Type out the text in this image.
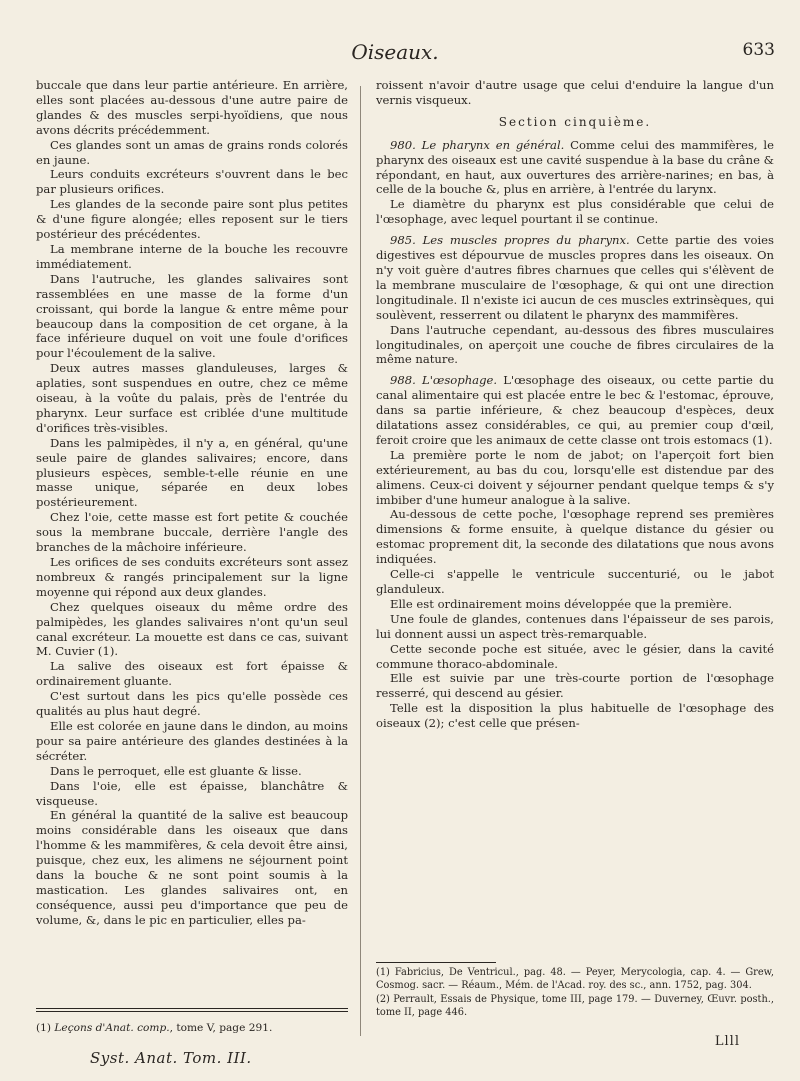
Oiseaux.	633

buccale que dans leur partie antérieure. En arrière, elles sont placées au-dessous d'une autre paire de glandes & des muscles serpi-hyoïdiens, que nous avons décrits précédemment.

Ces glandes sont un amas de grains ronds colorés en jaune.

Leurs conduits excréteurs s'ouvrent dans le bec par plusieurs orifices.

Les glandes de la seconde paire sont plus petites & d'une figure alongée; elles reposent sur le tiers postérieur des précédentes.

La membrane interne de la bouche les recouvre immédiatement.

Dans l'autruche, les glandes salivaires sont rassemblées en une masse de la forme d'un croissant, qui borde la langue & entre même pour beaucoup dans la composition de cet organe, à la face inférieure duquel on voit une foule d'orifices pour l'écoulement de la salive.

Deux autres masses glanduleuses, larges & aplaties, sont suspendues en outre, chez ce même oiseau, à la voûte du palais, près de l'entrée du pharynx. Leur surface est criblée d'une multitude d'orifices très-visibles.

Dans les palmipèdes, il n'y a, en général, qu'une seule paire de glandes salivaires; encore, dans plusieurs espèces, semble-t-elle réunie en une masse unique, séparée en deux lobes postérieurement.

Chez l'oie, cette masse est fort petite & couchée sous la membrane buccale, derrière l'angle des branches de la mâchoire inférieure.

Les orifices de ses conduits excréteurs sont assez nombreux & rangés principalement sur la ligne moyenne qui répond aux deux glandes.

Chez quelques oiseaux du même ordre des palmipèdes, les glandes salivaires n'ont qu'un seul canal excréteur. La mouette est dans ce cas, suivant M. Cuvier (1).

La salive des oiseaux est fort épaisse & ordinairement gluante.

C'est surtout dans les pics qu'elle possède ces qualités au plus haut degré.

Elle est colorée en jaune dans le dindon, au moins pour sa paire antérieure des glandes destinées à la sécréter.

Dans le perroquet, elle est gluante & lisse.

Dans l'oie, elle est épaisse, blanchâtre & visqueuse.

En général la quantité de la salive est beaucoup moins considérable dans les oiseaux que dans l'homme & les mammifères, & cela devoit être ainsi, puisque, chez eux, les alimens ne séjournent point dans la bouche & ne sont point soumis à la mastication. Les glandes salivaires ont, en conséquence, aussi peu d'importance que peu de volume, &, dans le pic en particulier, elles pa-

roissent n'avoir d'autre usage que celui d'enduire la langue d'un vernis visqueux.

Section cinquième.

980. Le pharynx en général. Comme celui des mammifères, le pharynx des oiseaux est une cavité suspendue à la base du crâne & répondant, en haut, aux ouvertures des arrière-narines; en bas, à celle de la bouche &, plus en arrière, à l'entrée du larynx.

Le diamètre du pharynx est plus considérable que celui de l'œsophage, avec lequel pourtant il se continue.

985. Les muscles propres du pharynx. Cette partie des voies digestives est dépourvue de muscles propres dans les oiseaux. On n'y voit guère d'autres fibres charnues que celles qui s'élèvent de la membrane musculaire de l'œsophage, & qui ont une direction longitudinale. Il n'existe ici aucun de ces muscles extrinsèques, qui soulèvent, resserrent ou dilatent le pharynx des mammifères.

Dans l'autruche cependant, au-dessous des fibres musculaires longitudinales, on aperçoit une couche de fibres circulaires de la même nature.

988. L'œsophage. L'œsophage des oiseaux, ou cette partie du canal alimentaire qui est placée entre le bec & l'estomac, éprouve, dans sa partie inférieure, & chez beaucoup d'espèces, deux dilatations assez considérables, ce qui, au premier coup d'œil, feroit croire que les animaux de cette classe ont trois estomacs (1).

La première porte le nom de jabot; on l'aperçoit fort bien extérieurement, au bas du cou, lorsqu'elle est distendue par des alimens. Ceux-ci doivent y séjourner pendant quelque temps & s'y imbiber d'une humeur analogue à la salive.

Au-dessous de cette poche, l'œsophage reprend ses premières dimensions & forme ensuite, à quelque distance du gésier ou estomac proprement dit, la seconde des dilatations que nous avons indiquées.

Celle-ci s'appelle le ventricule succenturié, ou le jabot glanduleux.

Elle est ordinairement moins développée que la première.

Une foule de glandes, contenues dans l'épaisseur de ses parois, lui donnent aussi un aspect très-remarquable.

Cette seconde poche est située, avec le gésier, dans la cavité commune thoraco-abdominale.

Elle est suivie par une très-courte portion de l'œsophage resserré, qui descend au gésier.

Telle est la disposition la plus habituelle de l'œsophage des oiseaux (2); c'est celle que présen-

(1) Leçons d'Anat. comp., tome V, page 291.
Syst. Anat. Tom. III.
(1) Fabricius, De Ventricul., pag. 48. — Peyer, Merycologia, cap. 4. — Grew, Cosmog. sacr. — Réaum., Mém. de l'Acad. roy. des sc., ann. 1752, pag. 304.
(2) Perrault, Essais de Physique, tome III, page 179. — Duverney, Œuvr. posth., tome II, page 446.
Llll
